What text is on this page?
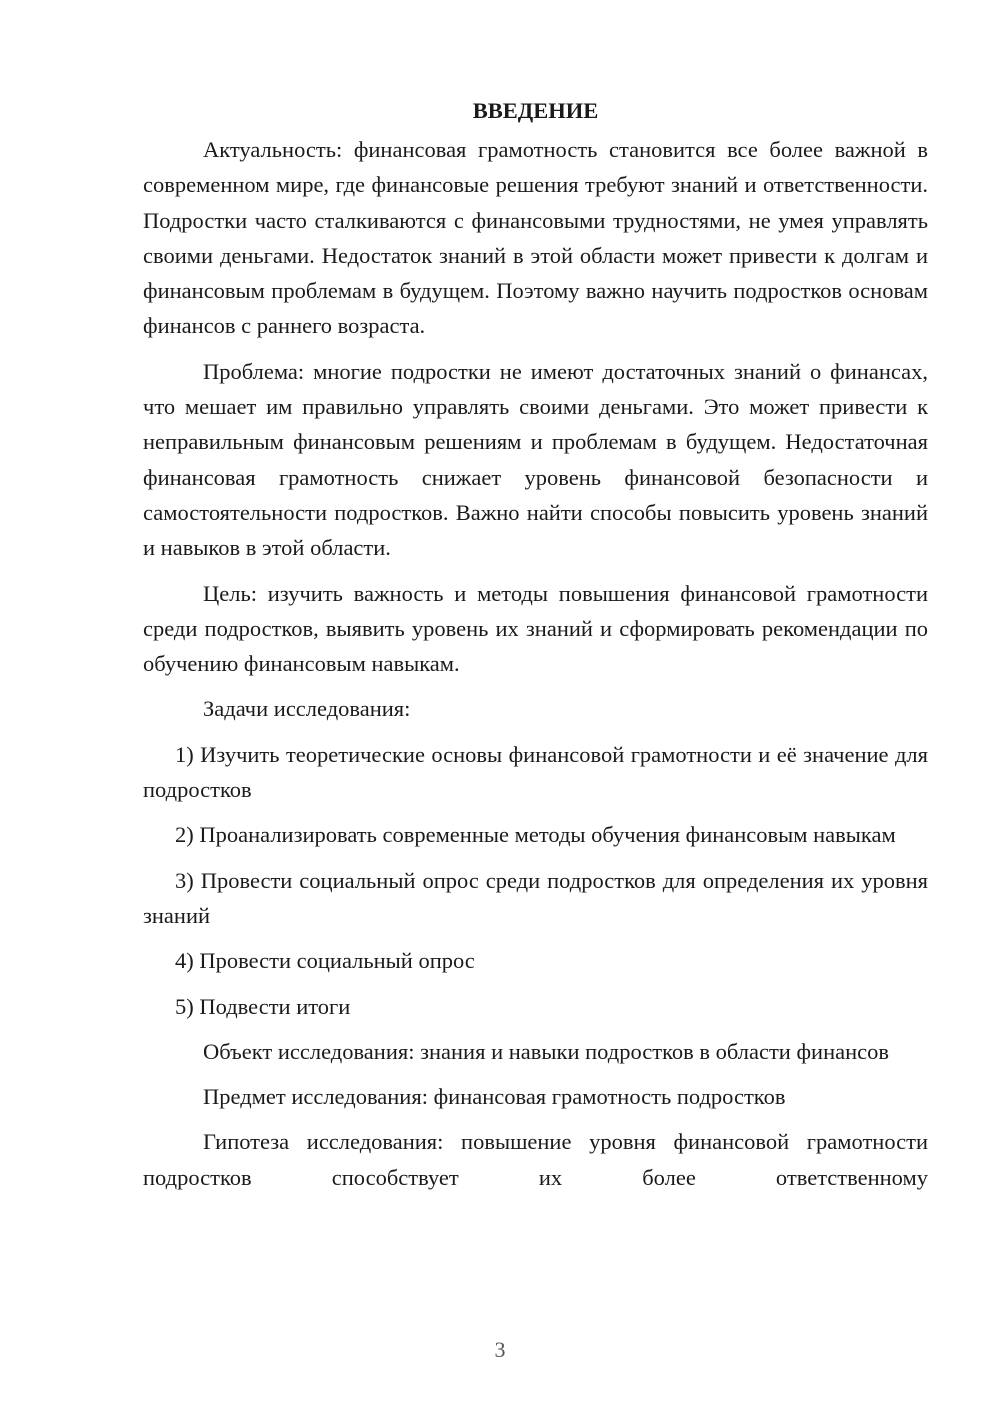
ВВЕДЕНИЕ

Актуальность: финансовая грамотность становится все более важной в современном мире, где финансовые решения требуют знаний и ответственности. Подростки часто сталкиваются с финансовыми трудностями, не умея управлять своими деньгами. Недостаток знаний в этой области может привести к долгам и финансовым проблемам в будущем. Поэтому важно научить подростков основам финансов с раннего возраста.

Проблема: многие подростки не имеют достаточных знаний о финансах, что мешает им правильно управлять своими деньгами. Это может привести к неправильным финансовым решениям и проблемам в будущем. Недостаточная финансовая грамотность снижает уровень финансовой безопасности и самостоятельности подростков. Важно найти способы повысить уровень знаний и навыков в этой области.

Цель: изучить важность и методы повышения финансовой грамотности среди подростков, выявить уровень их знаний и сформировать рекомендации по обучению финансовым навыкам.

Задачи исследования:

1) Изучить теоретические основы финансовой грамотности и её значение для подростков

2) Проанализировать современные методы обучения финансовым навыкам

3) Провести социальный опрос среди подростков для определения их уровня знаний

4) Провести социальный опрос

5) Подвести итоги

Объект исследования: знания и навыки подростков в области финансов

Предмет исследования: финансовая грамотность подростков

Гипотеза исследования: повышение уровня финансовой грамотности подростков способствует их более ответственному

3
